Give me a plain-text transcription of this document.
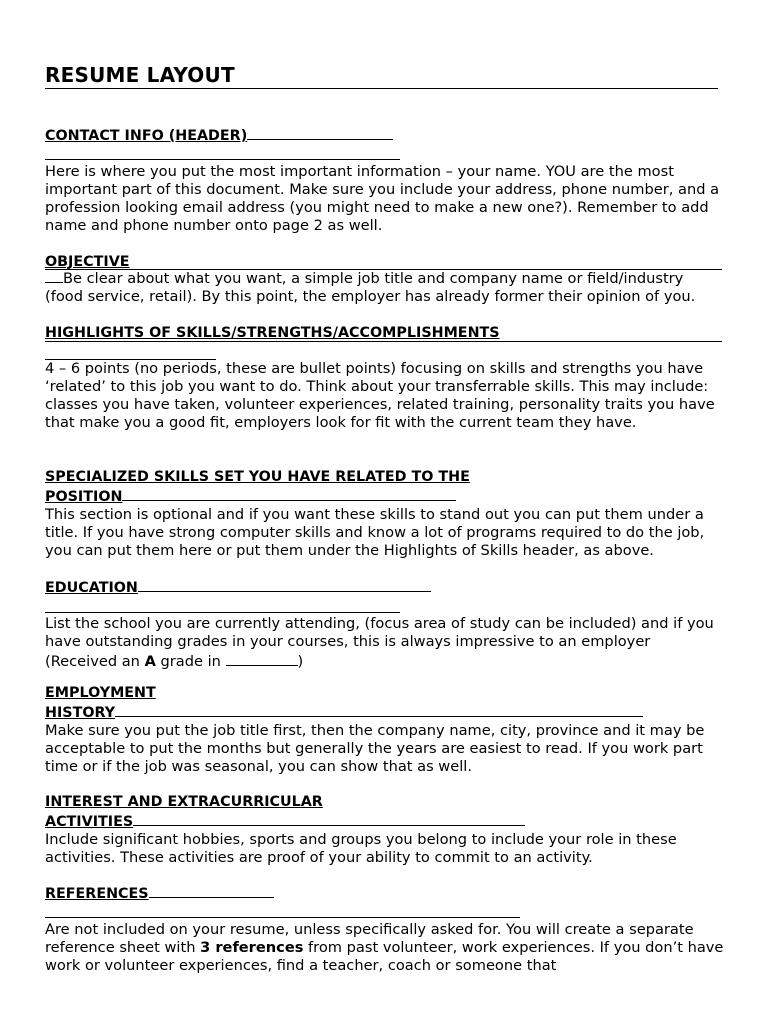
RESUME LAYOUT
CONTACT INFO (HEADER)

Here is where you put the most important information – your name. YOU are the most important part of this document. Make sure you include your address, phone number, and a profession looking email address (you might need to make a new one?). Remember to add name and phone number onto page 2 as well.

OBJECTIVE

Be clear about what you want, a simple job title and company name or field/industry (food service, retail). By this point, the employer has already former their opinion of you.

HIGHLIGHTS OF SKILLS/STRENGTHS/ACCOMPLISHMENTS

4 – 6 points (no periods, these are bullet points) focusing on skills and strengths you have ‘related’ to this job you want to do. Think about your transferrable skills. This may include: classes you have taken, volunteer experiences, related training, personality traits you have that make you a good fit, employers look for fit with the current team they have.

SPECIALIZED SKILLS SET YOU HAVE RELATED TO THE
POSITION

This section is optional and if you want these skills to stand out you can put them under a title. If you have strong computer skills and know a lot of programs required to do the job, you can put them here or put them under the Highlights of Skills header, as above.

EDUCATION

List the school you are currently attending, (focus area of study can be included) and if you have outstanding grades in your courses, this is always impressive to an employer (Received an A grade in	)

EMPLOYMENT
HISTORY

Make sure you put the job title first, then the company name, city, province and it may be acceptable to put the months but generally the years are easiest to read. If you work part time or if the job was seasonal, you can show that as well.

INTEREST AND EXTRACURRICULAR
ACTIVITIES

Include significant hobbies, sports and groups you belong to include your role in these activities. These activities are proof of your ability to commit to an activity.

REFERENCES

Are not included on your resume, unless specifically asked for. You will create a separate reference sheet with 3 references from past volunteer, work experiences. If you don’t have work or volunteer experiences, find a teacher, coach or someone that
